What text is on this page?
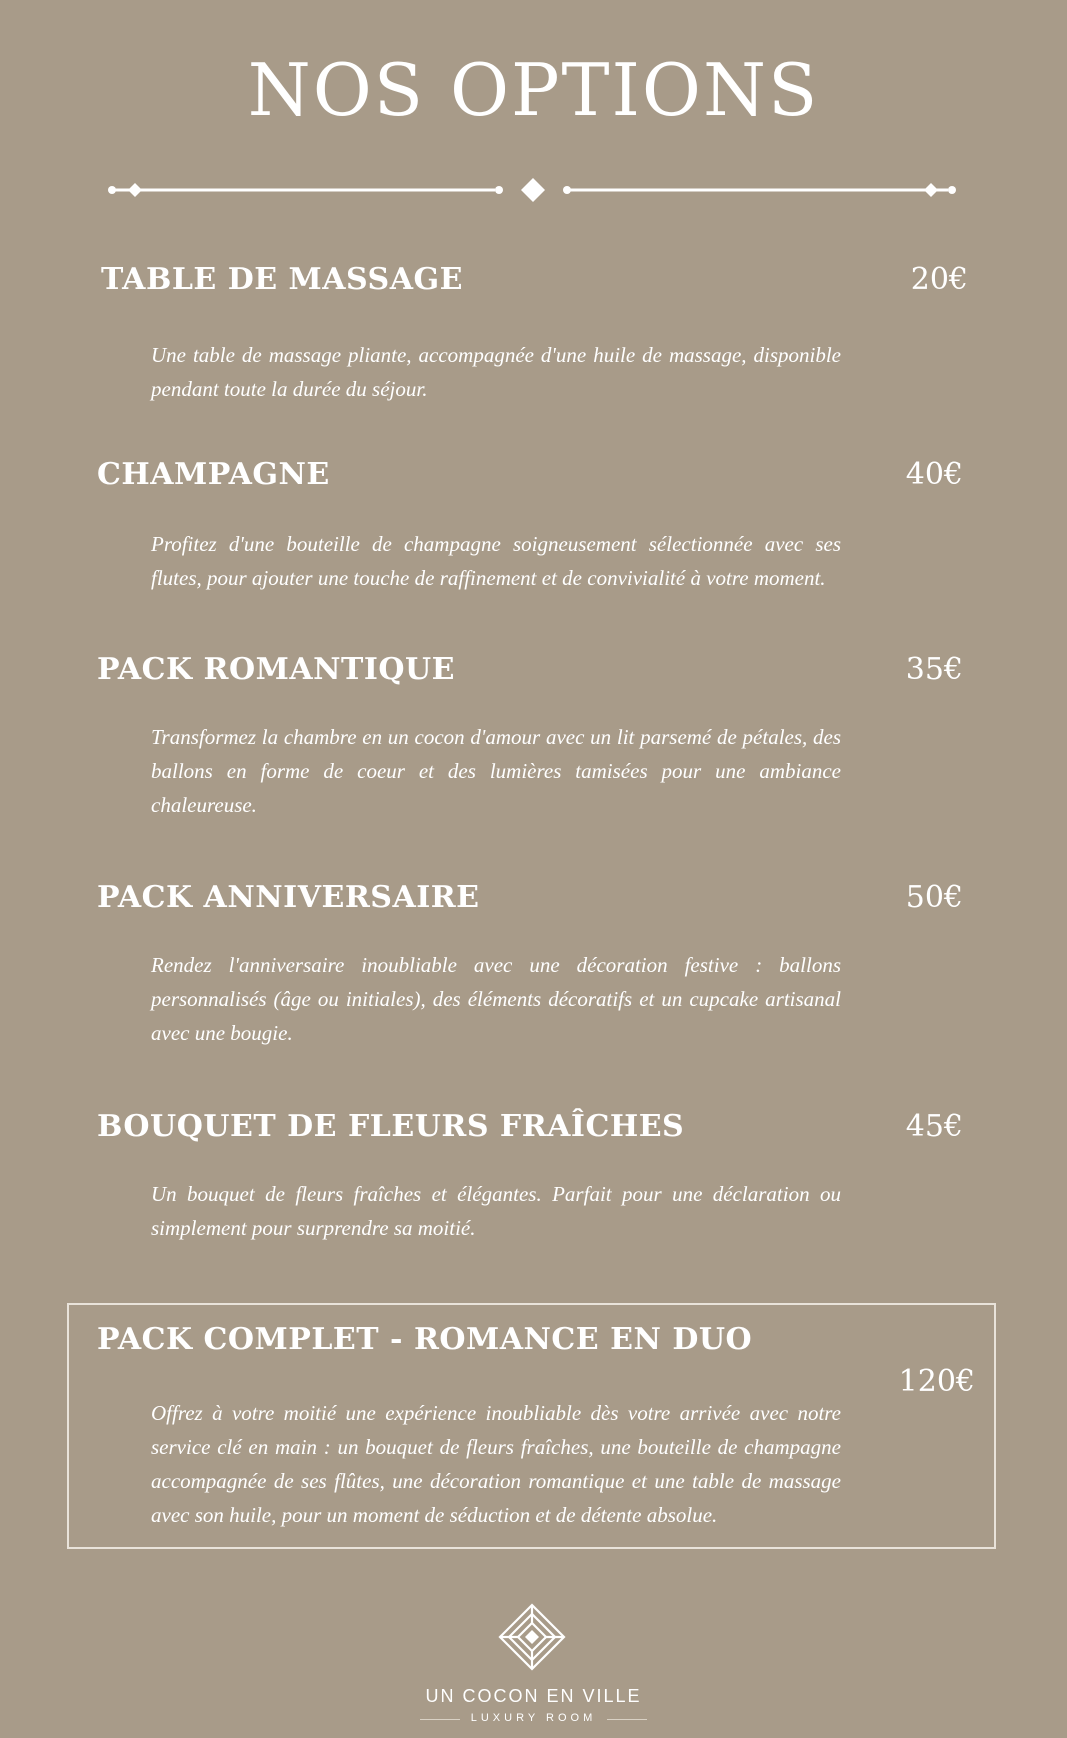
NOS OPTIONS
TABLE DE MASSAGE	20€

Une table de massage pliante, accompagnée d'une huile de massage, disponible pendant toute la durée du séjour.

CHAMPAGNE	40€

Profitez d'une bouteille de champagne soigneusement sélectionnée avec ses flutes, pour ajouter une touche de raffinement et de convivialité à votre moment.

PACK ROMANTIQUE	35€

Transformez la chambre en un cocon d'amour avec un lit parsemé de pétales, des ballons en forme de coeur et des lumières tamisées pour une ambiance chaleureuse.

PACK ANNIVERSAIRE	50€

Rendez l'anniversaire inoubliable avec une décoration festive : ballons personnalisés (âge ou initiales), des éléments décoratifs et un cupcake artisanal avec une bougie.

BOUQUET DE FLEURS FRAÎCHES	45€

Un bouquet de fleurs fraîches et élégantes. Parfait pour une déclaration ou simplement pour surprendre sa moitié.

PACK COMPLET - ROMANCE EN DUO
120€

Offrez à votre moitié une expérience inoubliable dès votre arrivée avec notre service clé en main : un bouquet de fleurs fraîches, une bouteille de champagne accompagnée de ses flûtes, une décoration romantique et une table de massage avec son huile, pour un moment de séduction et de détente absolue.

UN COCON EN VILLE
LUXURY ROOM
